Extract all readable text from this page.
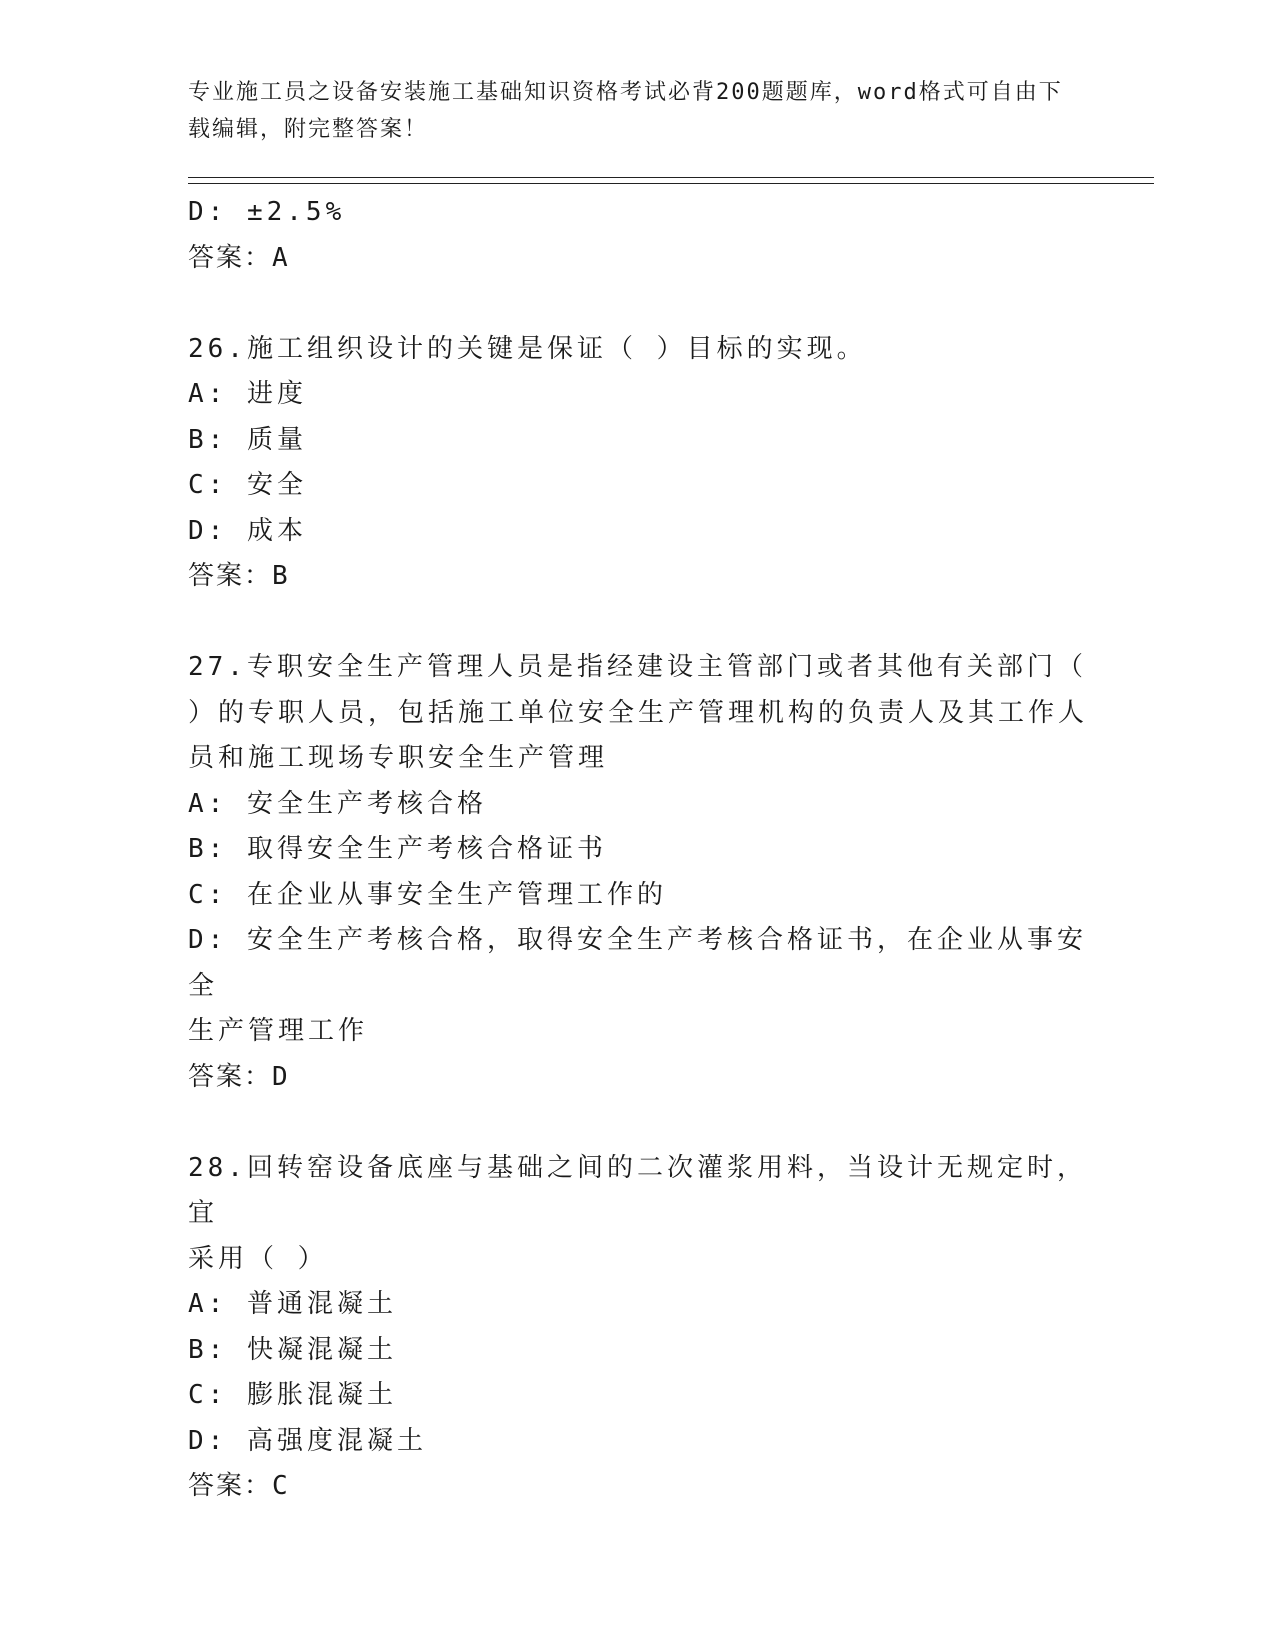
专业施工员之设备安装施工基础知识资格考试必背200题题库，word格式可自由下载编辑，附完整答案！
D: ±2.5%
答案：A
26.施工组织设计的关键是保证（ ）目标的实现。
A: 进度
B: 质量
C: 安全
D: 成本
答案：B
27.专职安全生产管理人员是指经建设主管部门或者其他有关部门（
）的专职人员，包括施工单位安全生产管理机构的负责人及其工作人
员和施工现场专职安全生产管理
A: 安全生产考核合格
B: 取得安全生产考核合格证书
C: 在企业从事安全生产管理工作的
D: 安全生产考核合格，取得安全生产考核合格证书，在企业从事安全
生产管理工作
答案：D
28.回转窑设备底座与基础之间的二次灌浆用料，当设计无规定时，宜
采用（ ）
A: 普通混凝土
B: 快凝混凝土
C: 膨胀混凝土
D: 高强度混凝土
答案：C
